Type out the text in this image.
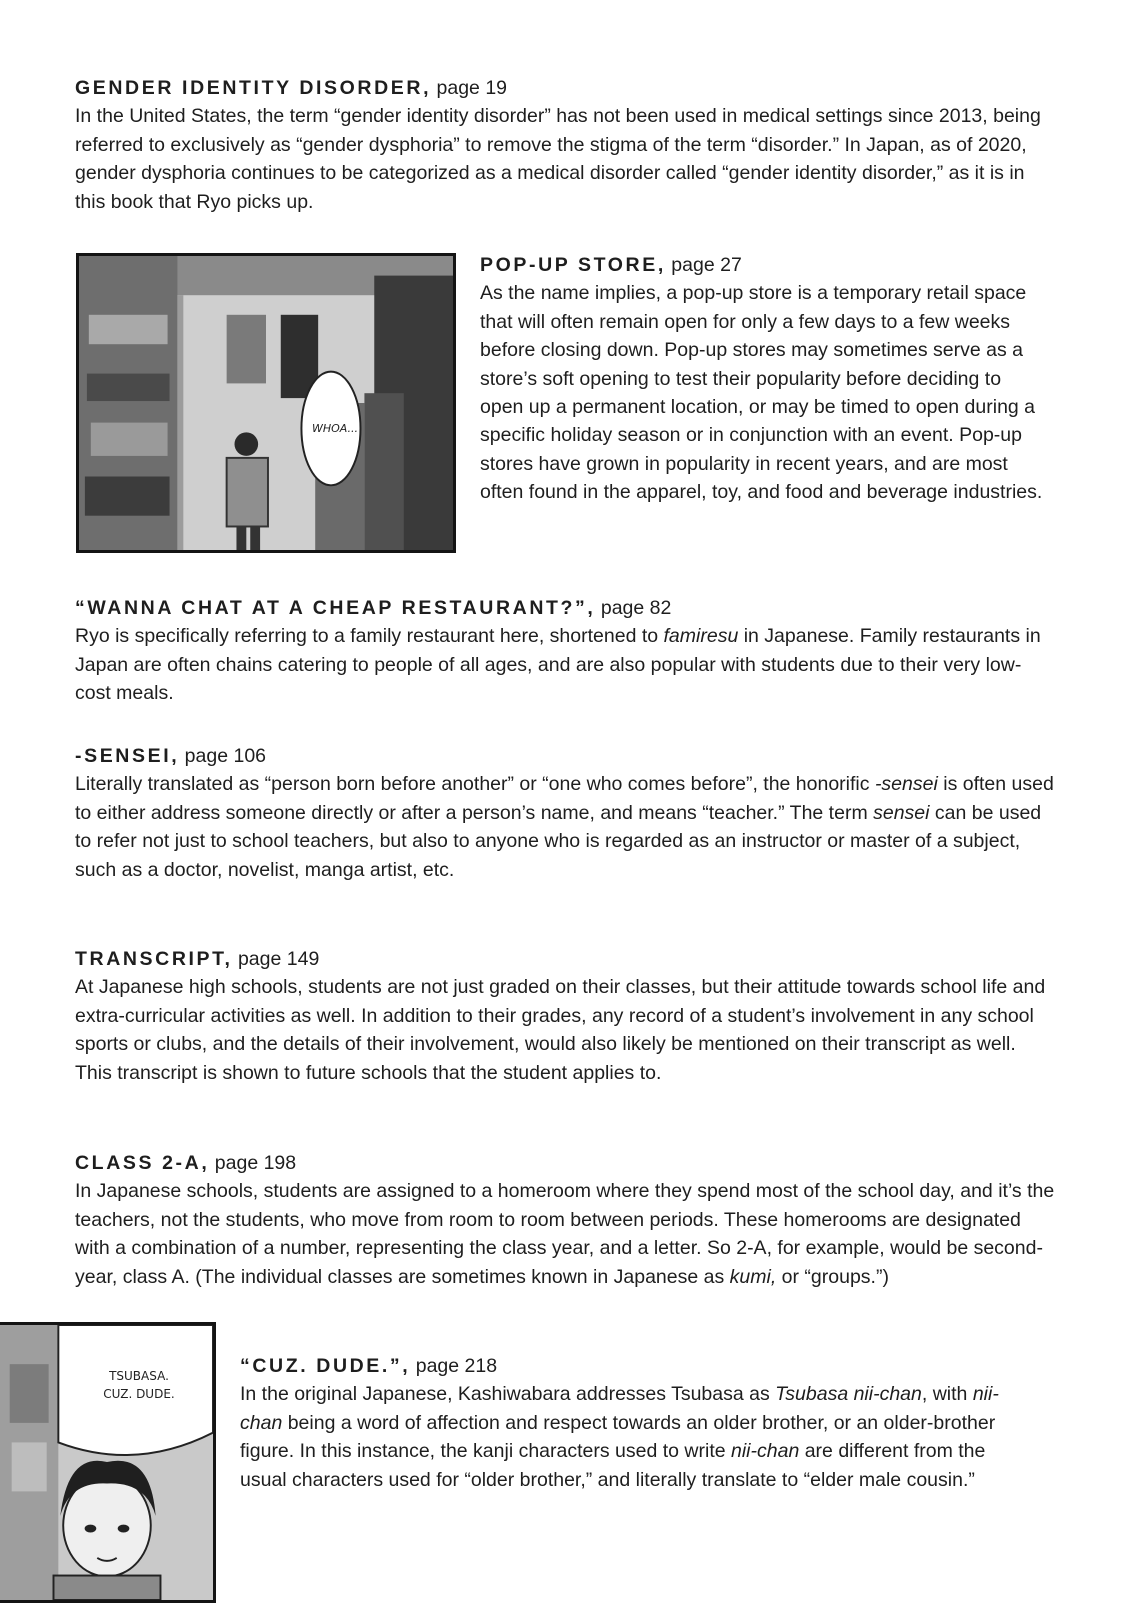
GENDER IDENTITY DISORDER, page 19

In the United States, the term “gender identity disorder” has not been used in medical settings since 2013, being referred to exclusively as “gender dysphoria” to remove the stigma of the term “disorder.” In Japan, as of 2020, gender dysphoria continues to be categorized as a medical disorder called “gender identity disorder,” as it is in this book that Ryo picks up.

WHOA...

POP-UP STORE, page 27

As the name implies, a pop-up store is a temporary retail space that will often remain open for only a few days to a few weeks before closing down. Pop-up stores may sometimes serve as a store’s soft opening to test their popularity before deciding to open up a permanent location, or may be timed to open during a specific holiday season or in conjunction with an event. Pop-up stores have grown in popularity in recent years, and are most often found in the apparel, toy, and food and beverage industries.

“WANNA CHAT AT A CHEAP RESTAURANT?”, page 82

Ryo is specifically referring to a family restaurant here, shortened to famiresu in Japanese. Family restaurants in Japan are often chains catering to people of all ages, and are also popular with students due to their very low-cost meals.

-SENSEI, page 106

Literally translated as “person born before another” or “one who comes before”, the honorific -sensei is often used to either address someone directly or after a person’s name, and means “teacher.” The term sensei can be used to refer not just to school teachers, but also to anyone who is regarded as an instructor or master of a subject, such as a doctor, novelist, manga artist, etc.

TRANSCRIPT, page 149

At Japanese high schools, students are not just graded on their classes, but their attitude towards school life and extra-curricular activities as well. In addition to their grades, any record of a student’s involvement in any school sports or clubs, and the details of their involvement, would also likely be mentioned on their transcript as well. This transcript is shown to future schools that the student applies to.

CLASS 2-A, page 198

In Japanese schools, students are assigned to a homeroom where they spend most of the school day, and it’s the teachers, not the students, who move from room to room between periods. These homerooms are designated with a combination of a number, representing the class year, and a letter. So 2-A, for example, would be second-year, class A. (The individual classes are sometimes known in Japanese as kumi, or “groups.”)

TSUBASA.
CUZ. DUDE.

“CUZ. DUDE.”, page 218

In the original Japanese, Kashiwabara addresses Tsubasa as Tsubasa nii-chan, with nii-chan being a word of affection and respect towards an older brother, or an older-brother figure. In this instance, the kanji characters used to write nii-chan are different from the usual characters used for “older brother,” and literally translate to “elder male cousin.”
